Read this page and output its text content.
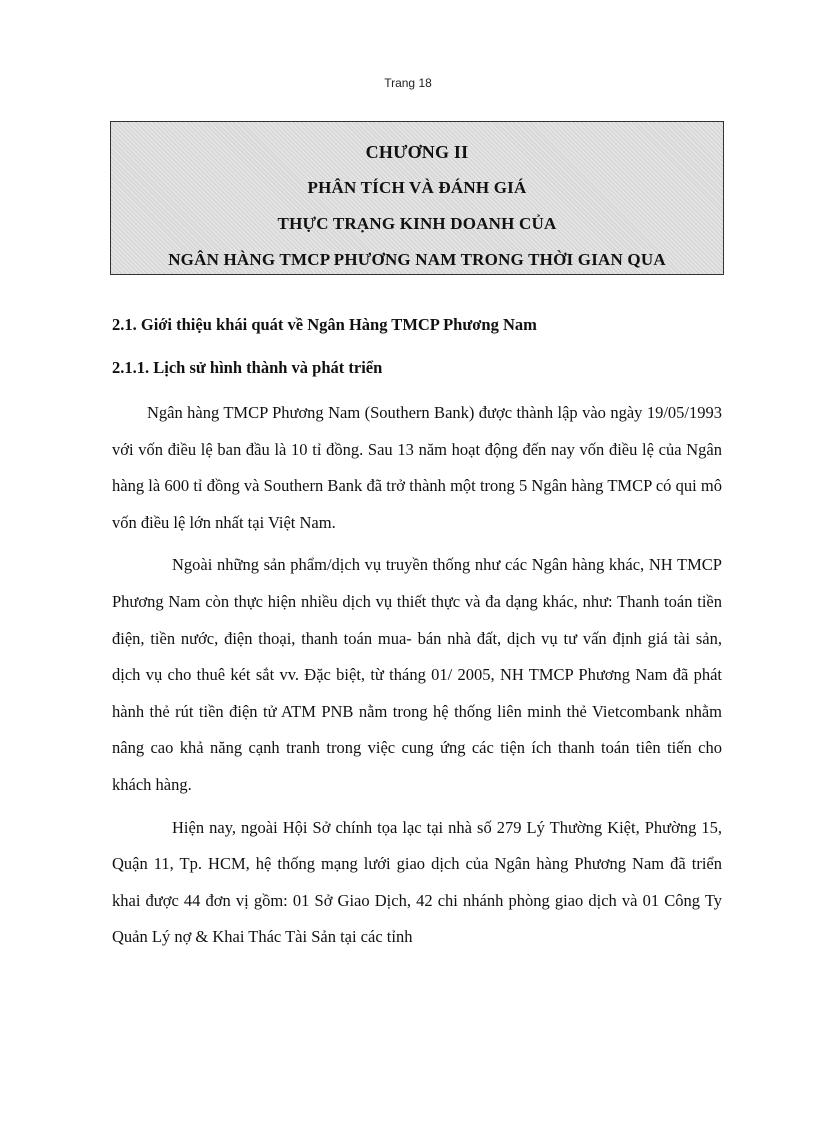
Trang 18
CHƯƠNG II
PHÂN TÍCH VÀ ĐÁNH GIÁ
THỰC TRẠNG KINH DOANH CỦA
NGÂN HÀNG TMCP PHƯƠNG NAM TRONG THỜI GIAN QUA
2.1. Giới thiệu khái quát về Ngân Hàng TMCP Phương Nam
2.1.1. Lịch sử hình thành và phát triển

Ngân hàng TMCP Phương Nam (Southern Bank) được thành lập vào ngày 19/05/1993 với vốn điều lệ ban đầu là 10 tỉ đồng. Sau 13 năm hoạt động đến nay vốn điều lệ của Ngân hàng là 600 tỉ đồng và Southern Bank đã trở thành một trong 5 Ngân hàng TMCP có qui mô vốn điều lệ lớn nhất tại Việt Nam.

Ngoài những sản phẩm/dịch vụ truyền thống như các Ngân hàng khác, NH TMCP Phương Nam còn thực hiện nhiều dịch vụ thiết thực và đa dạng khác, như: Thanh toán tiền điện, tiền nước, điện thoại, thanh toán mua- bán nhà đất, dịch vụ tư vấn định giá tài sản, dịch vụ cho thuê két sắt vv. Đặc biệt, từ tháng 01/ 2005, NH TMCP Phương Nam đã phát hành thẻ rút tiền điện tử ATM PNB nằm trong hệ thống liên minh thẻ Vietcombank nhằm nâng cao khả năng cạnh tranh trong việc cung ứng các tiện ích thanh toán tiên tiến cho khách hàng.

Hiện nay, ngoài Hội Sở chính tọa lạc tại nhà số 279 Lý Thường Kiệt, Phường 15, Quận 11, Tp. HCM, hệ thống mạng lưới giao dịch của Ngân hàng Phương Nam đã triển khai được 44 đơn vị gồm: 01 Sở Giao Dịch, 42 chi nhánh phòng giao dịch và 01 Công Ty Quản Lý nợ & Khai Thác Tài Sản tại các tỉnh
